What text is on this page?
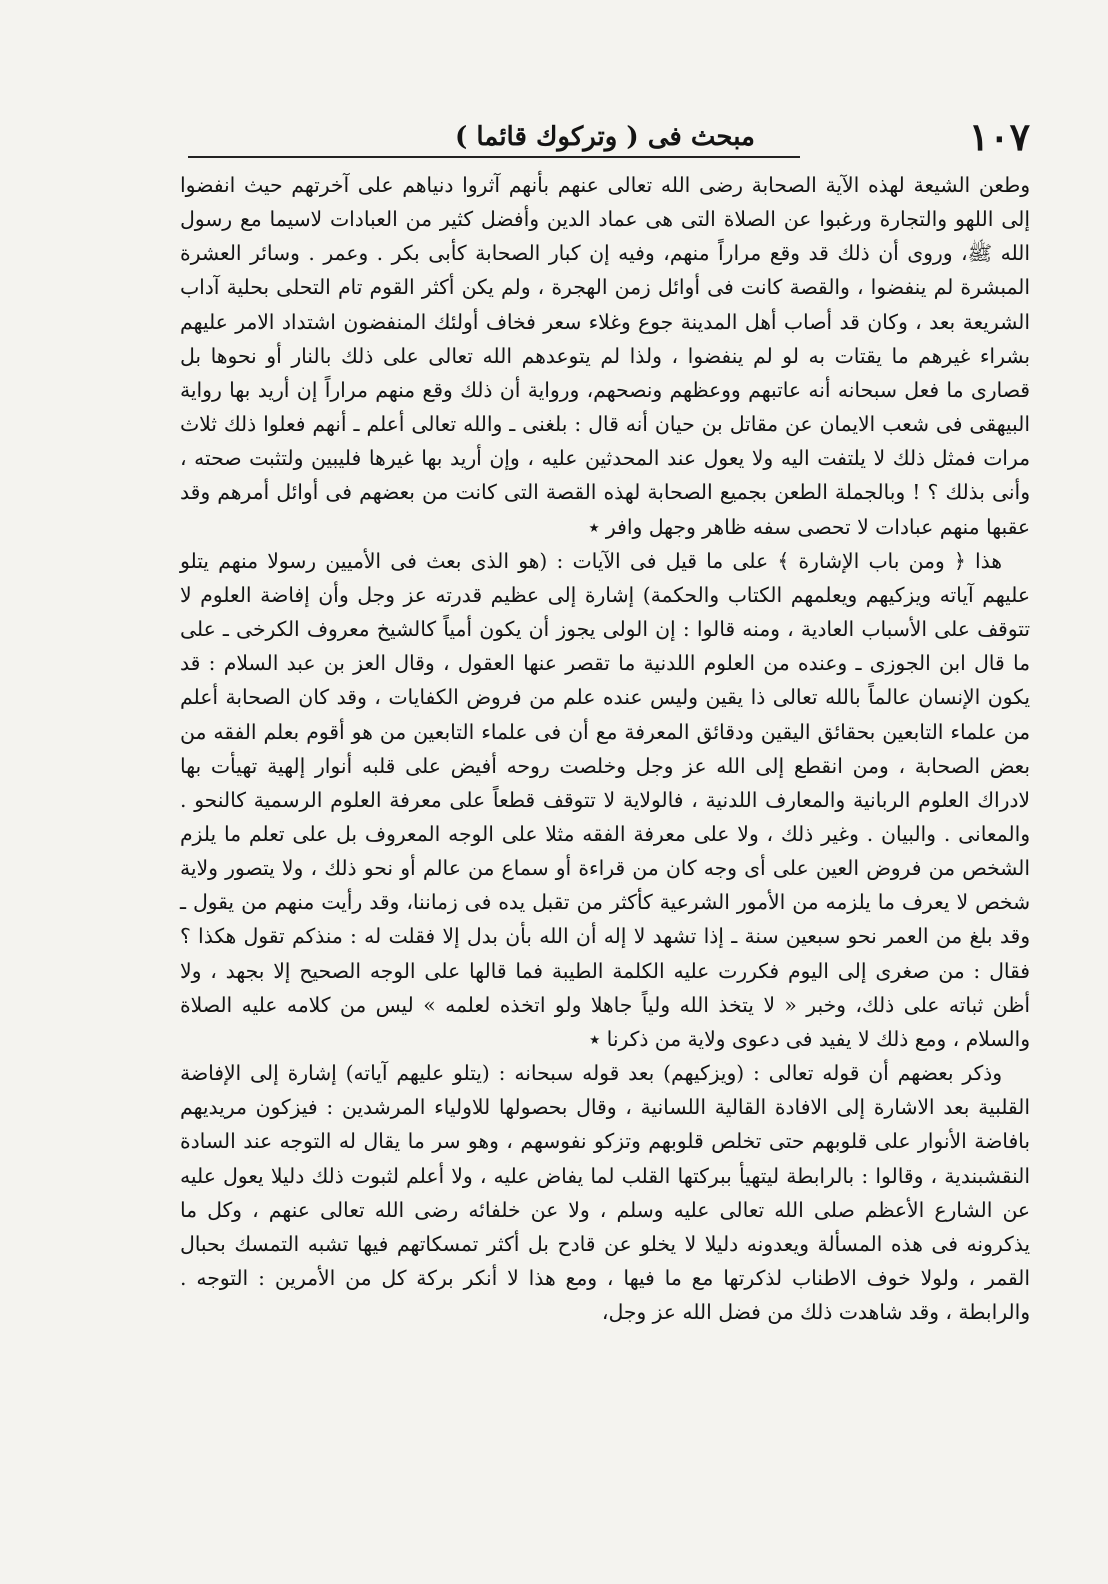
١٠٧
مبحث فى ( وتركوك قائما )

وطعن الشيعة لهذه الآية الصحابة رضى الله تعالى عنهم بأنهم آثروا دنياهم على آخرتهم حيث انفضوا إلى اللهو والتجارة ورغبوا عن الصلاة التى هى عماد الدين وأفضل كثير من العبادات لاسيما مع رسول الله ﷺ، وروى أن ذلك قد وقع مراراً منهم، وفيه إن كبار الصحابة كأبى بكر . وعمر . وسائر العشرة المبشرة لم ينفضوا ، والقصة كانت فى أوائل زمن الهجرة ، ولم يكن أكثر القوم تام التحلى بحلية آداب الشريعة بعد ، وكان قد أصاب أهل المدينة جوع وغلاء سعر فخاف أولئك المنفضون اشتداد الامر عليهم بشراء غيرهم ما يقتات به لو لم ينفضوا ، ولذا لم يتوعدهم الله تعالى على ذلك بالنار أو نحوها بل قصارى ما فعل سبحانه أنه عاتبهم ووعظهم ونصحهم، ورواية أن ذلك وقع منهم مراراً إن أريد بها رواية البيهقى فى شعب الايمان عن مقاتل بن حيان أنه قال : بلغنى ـ والله تعالى أعلم ـ أنهم فعلوا ذلك ثلاث مرات فمثل ذلك لا يلتفت اليه ولا يعول عند المحدثين عليه ، وإن أريد بها غيرها فليبين ولتثبت صحته ، وأنى بذلك ؟ ! وبالجملة الطعن بجميع الصحابة لهذه القصة التى كانت من بعضهم فى أوائل أمرهم وقد عقبها منهم عبادات لا تحصى سفه ظاهر وجهل وافر ٭

هذا ﴿ ومن باب الإشارة ﴾ على ما قيل فى الآيات : (هو الذى بعث فى الأميين رسولا منهم يتلو عليهم آياته ويزكيهم ويعلمهم الكتاب والحكمة) إشارة إلى عظيم قدرته عز وجل وأن إفاضة العلوم لا تتوقف على الأسباب العادية ، ومنه قالوا : إن الولى يجوز أن يكون أمياً كالشيخ معروف الكرخى ـ على ما قال ابن الجوزى ـ وعنده من العلوم اللدنية ما تقصر عنها العقول ، وقال العز بن عبد السلام : قد يكون الإنسان عالماً بالله تعالى ذا يقين وليس عنده علم من فروض الكفايات ، وقد كان الصحابة أعلم من علماء التابعين بحقائق اليقين ودقائق المعرفة مع أن فى علماء التابعين من هو أقوم بعلم الفقه من بعض الصحابة ، ومن انقطع إلى الله عز وجل وخلصت روحه أفيض على قلبه أنوار إلهية تهيأت بها لادراك العلوم الربانية والمعارف اللدنية ، فالولاية لا تتوقف قطعاً على معرفة العلوم الرسمية كالنحو . والمعانى . والبيان . وغير ذلك ، ولا على معرفة الفقه مثلا على الوجه المعروف بل على تعلم ما يلزم الشخص من فروض العين على أى وجه كان من قراءة أو سماع من عالم أو نحو ذلك ، ولا يتصور ولاية شخص لا يعرف ما يلزمه من الأمور الشرعية كأكثر من تقبل يده فى زماننا، وقد رأيت منهم من يقول ـ وقد بلغ من العمر نحو سبعين سنة ـ إذا تشهد لا إله أن الله بأن بدل إلا فقلت له : منذكم تقول هكذا ؟ فقال : من صغرى إلى اليوم فكررت عليه الكلمة الطيبة فما قالها على الوجه الصحيح إلا بجهد ، ولا أظن ثباته على ذلك، وخبر « لا يتخذ الله ولياً جاهلا ولو اتخذه لعلمه » ليس من كلامه عليه الصلاة والسلام ، ومع ذلك لا يفيد فى دعوى ولاية من ذكرنا ٭

وذكر بعضهم أن قوله تعالى : (ويزكيهم) بعد قوله سبحانه : (يتلو عليهم آياته) إشارة إلى الإفاضة القلبية بعد الاشارة إلى الافادة القالية اللسانية ، وقال بحصولها للاولياء المرشدين : فيزكون مريديهم بافاضة الأنوار على قلوبهم حتى تخلص قلوبهم وتزكو نفوسهم ، وهو سر ما يقال له التوجه عند السادة النقشبندية ، وقالوا : بالرابطة ليتهيأ ببركتها القلب لما يفاض عليه ، ولا أعلم لثبوت ذلك دليلا يعول عليه عن الشارع الأعظم صلى الله تعالى عليه وسلم ، ولا عن خلفائه رضى الله تعالى عنهم ، وكل ما يذكرونه فى هذه المسألة ويعدونه دليلا لا يخلو عن قادح بل أكثر تمسكاتهم فيها تشبه التمسك بحبال القمر ، ولولا خوف الاطناب لذكرتها مع ما فيها ، ومع هذا لا أنكر بركة كل من الأمرين : التوجه . والرابطة ، وقد شاهدت ذلك من فضل الله عز وجل،
